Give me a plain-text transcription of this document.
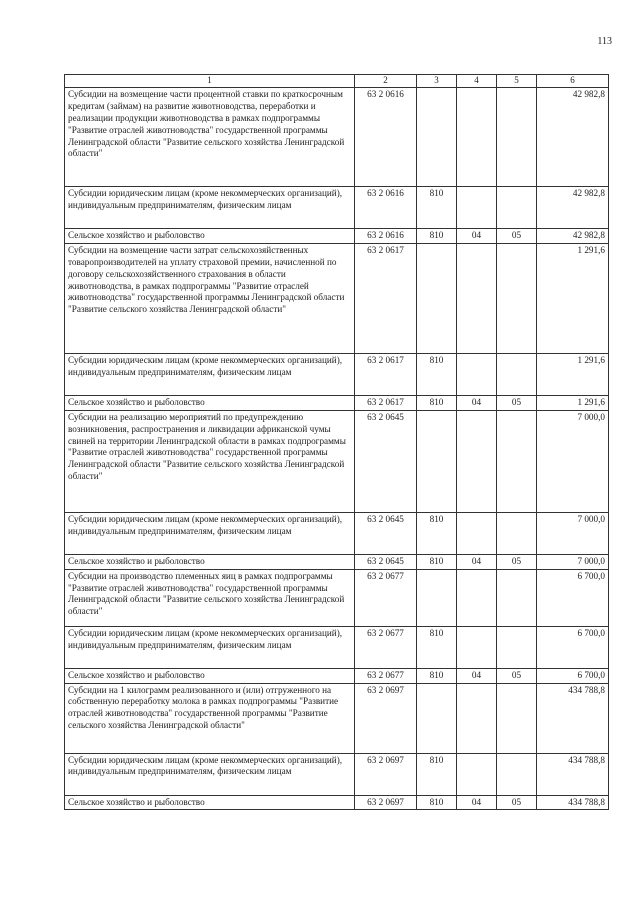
113
1	2	3	4	5	6
Субсидии на возмещение части процентной ставки по краткосрочным кредитам (займам) на развитие животноводства, переработки и реализации продукции животноводства в рамках подпрограммы "Развитие отраслей животноводства" государственной программы Ленинградской области "Развитие сельского хозяйства Ленинградской области"	63 2 0616				42 982,8
Субсидии юридическим лицам (кроме некоммерческих организаций), индивидуальным предпринимателям, физическим лицам	63 2 0616	810			42 982,8
Сельское хозяйство и рыболовство	63 2 0616	810	04	05	42 982,8
Субсидии на возмещение части затрат сельскохозяйственных товаропроизводителей на уплату страховой премии, начисленной по договору сельскохозяйственного страхования в области животноводства, в рамках подпрограммы "Развитие отраслей животноводства" государственной программы Ленинградской области "Развитие сельского хозяйства Ленинградской области"	63 2 0617				1 291,6
Субсидии юридическим лицам (кроме некоммерческих организаций), индивидуальным предпринимателям, физическим лицам	63 2 0617	810			1 291,6
Сельское хозяйство и рыболовство	63 2 0617	810	04	05	1 291,6
Субсидии на реализацию мероприятий по предупреждению возникновения, распространения и ликвидации африканской чумы свиней на территории Ленинградской области в рамках подпрограммы "Развитие отраслей животноводства" государственной программы Ленинградской области "Развитие сельского хозяйства Ленинградской области"	63 2 0645				7 000,0
Субсидии юридическим лицам (кроме некоммерческих организаций), индивидуальным предпринимателям, физическим лицам	63 2 0645	810			7 000,0
Сельское хозяйство и рыболовство	63 2 0645	810	04	05	7 000,0
Субсидии на производство племенных яиц в рамках подпрограммы "Развитие отраслей животноводства" государственной программы Ленинградской области "Развитие сельского хозяйства Ленинградской области"	63 2 0677				6 700,0
Субсидии юридическим лицам (кроме некоммерческих организаций), индивидуальным предпринимателям, физическим лицам	63 2 0677	810			6 700,0
Сельское хозяйство и рыболовство	63 2 0677	810	04	05	6 700,0
Субсидии на 1 килограмм реализованного и (или) отгруженного на собственную переработку молока в рамках подпрограммы "Развитие отраслей животноводства" государственной программы "Развитие сельского хозяйства Ленинградской области"	63 2 0697				434 788,8
Субсидии юридическим лицам (кроме некоммерческих организаций), индивидуальным предпринимателям, физическим лицам	63 2 0697	810			434 788,8
Сельское хозяйство и рыболовство	63 2 0697	810	04	05	434 788,8
